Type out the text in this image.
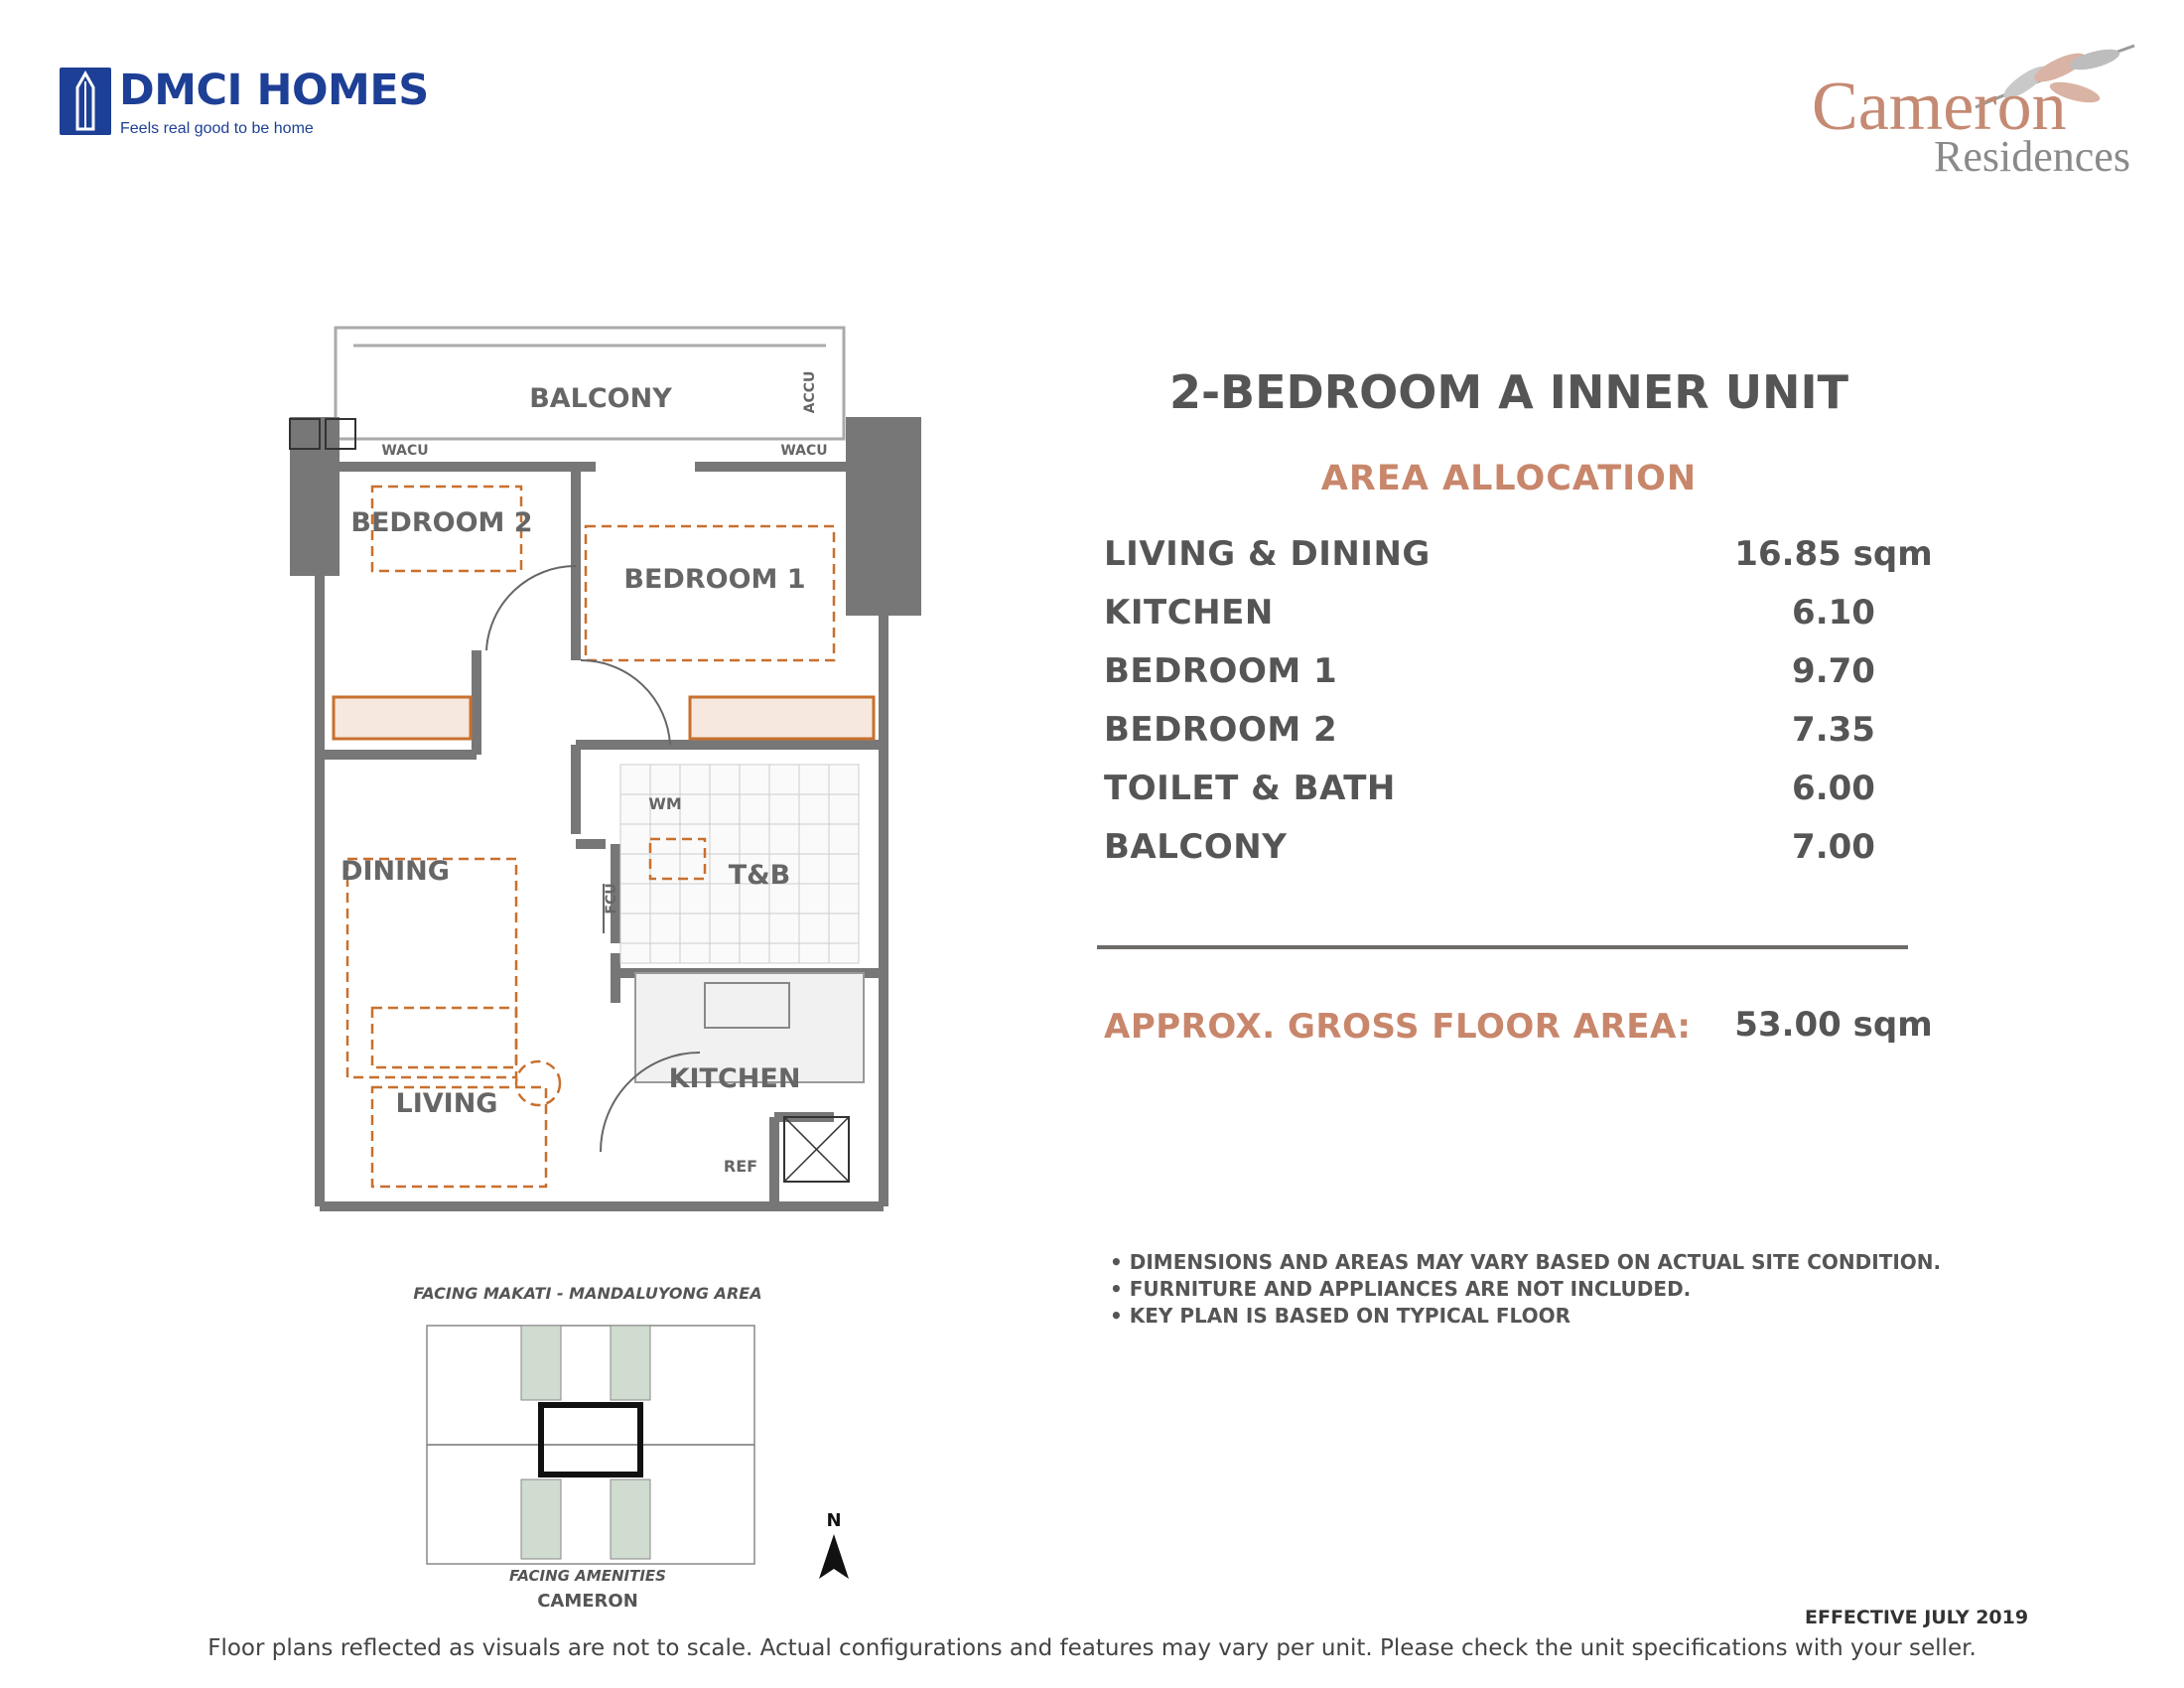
DMCI HOMES
Feels real good to be home	Cameron
Residences
BALCONY
BEDROOM 2
BEDROOM 1
DINING	T&B
LIVING
KITCHEN
WACU	WACU
ACCU
WM
FCU
REF
FACING MAKATI - MANDALUYONG AREA
FACING AMENITIES
CAMERON
N
2-BEDROOM A INNER UNIT
AREA ALLOCATION
LIVING & DINING	16.85 sqm
KITCHEN	6.10
BEDROOM 1	9.70
BEDROOM 2	7.35
TOILET & BATH	6.00
BALCONY	7.00
APPROX. GROSS FLOOR AREA:	53.00 sqm
• DIMENSIONS AND AREAS MAY VARY BASED ON ACTUAL SITE CONDITION.
• FURNITURE AND APPLIANCES ARE NOT INCLUDED.
• KEY PLAN IS BASED ON TYPICAL FLOOR
EFFECTIVE JULY 2019
Floor plans reflected as visuals are not to scale. Actual configurations and features may vary per unit. Please check the unit specifications with your seller.
